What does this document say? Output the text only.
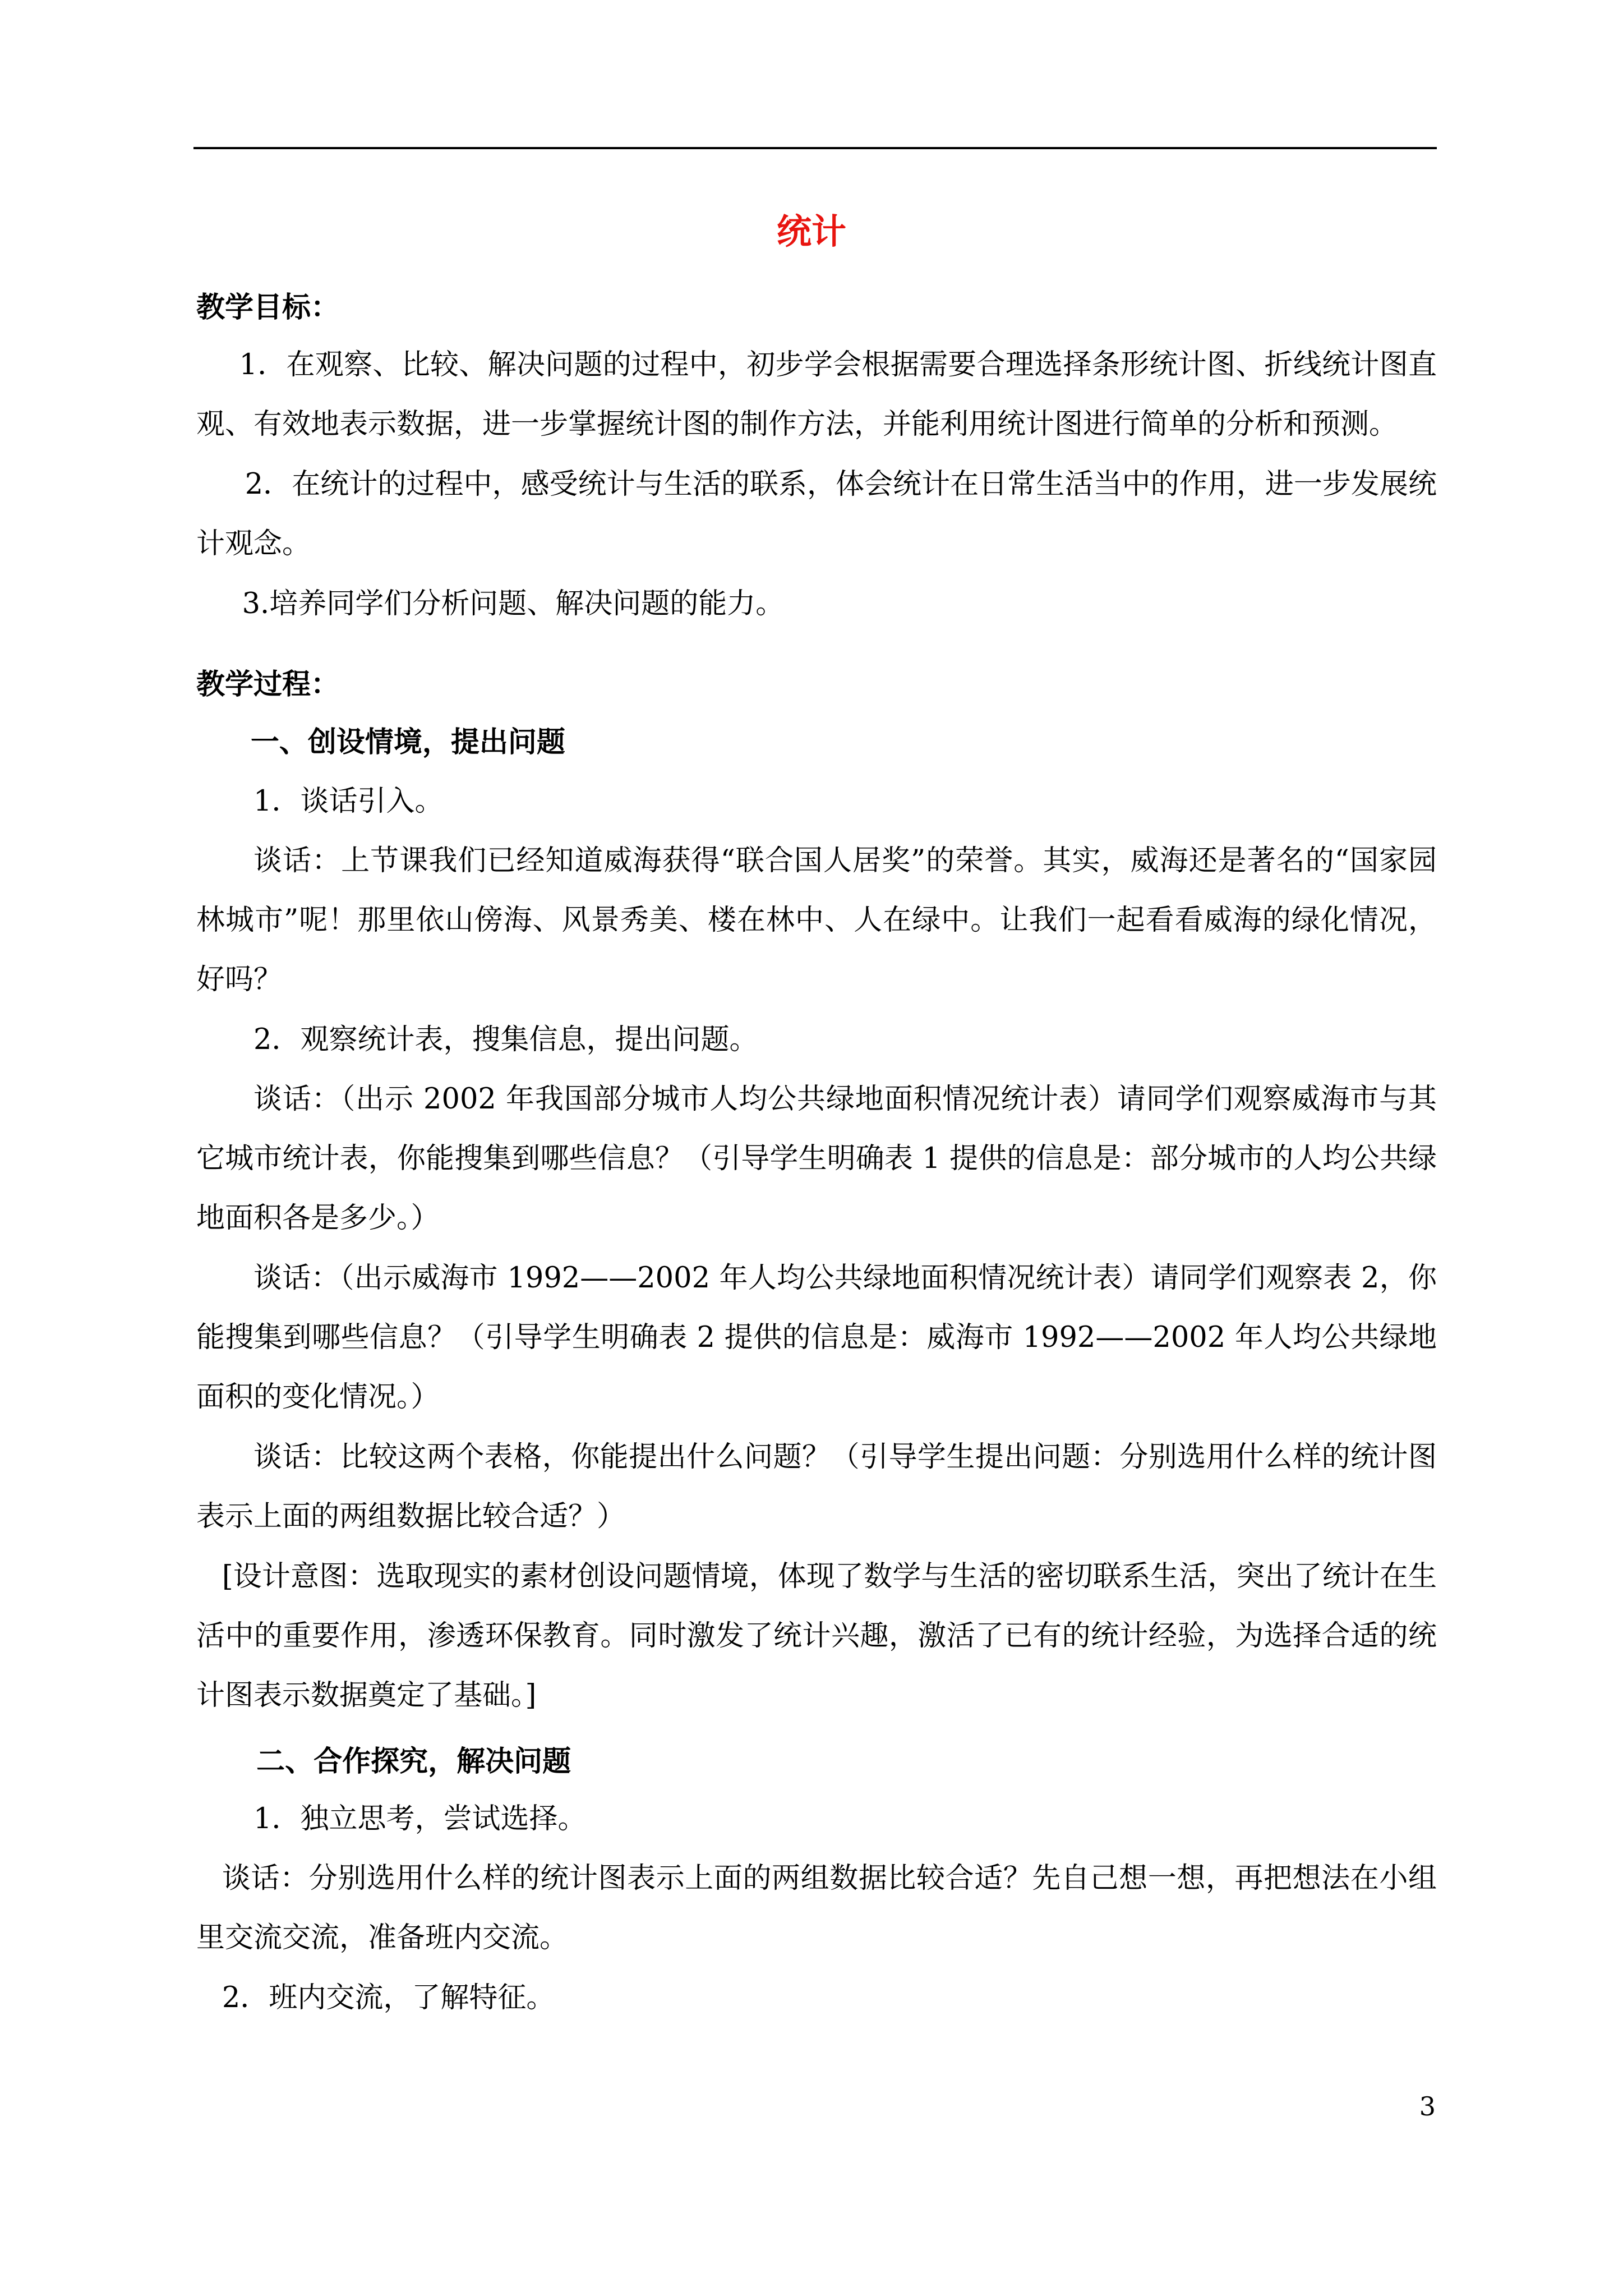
统计

教学目标：

1．在观察、比较、解决问题的过程中，初步学会根据需要合理选择条形统计图、折线统计图直观、有效地表示数据，进一步掌握统计图的制作方法，并能利用统计图进行简单的分析和预测。

2．在统计的过程中，感受统计与生活的联系，体会统计在日常生活当中的作用，进一步发展统计观念。

3.培养同学们分析问题、解决问题的能力。

教学过程：

一、创设情境，提出问题

1．谈话引入。

谈话：上节课我们已经知道威海获得“联合国人居奖”的荣誉。其实，威海还是著名的“国家园林城市”呢！那里依山傍海、风景秀美、楼在林中、人在绿中。让我们一起看看威海的绿化情况，好吗？

2．观察统计表，搜集信息，提出问题。

谈话：（出示 2002 年我国部分城市人均公共绿地面积情况统计表）请同学们观察威海市与其它城市统计表，你能搜集到哪些信息？（引导学生明确表 1 提供的信息是：部分城市的人均公共绿地面积各是多少。）

谈话：（出示威海市 1992——2002 年人均公共绿地面积情况统计表）请同学们观察表 2，你能搜集到哪些信息？（引导学生明确表 2 提供的信息是：威海市 1992——2002 年人均公共绿地面积的变化情况。）

谈话：比较这两个表格，你能提出什么问题？（引导学生提出问题：分别选用什么样的统计图表示上面的两组数据比较合适？）

[设计意图：选取现实的素材创设问题情境，体现了数学与生活的密切联系生活，突出了统计在生活中的重要作用，渗透环保教育。同时激发了统计兴趣，激活了已有的统计经验，为选择合适的统计图表示数据奠定了基础。]

二、合作探究，解决问题

1．独立思考，尝试选择。

谈话：分别选用什么样的统计图表示上面的两组数据比较合适？先自己想一想，再把想法在小组里交流交流，准备班内交流。

2．班内交流，了解特征。

3
